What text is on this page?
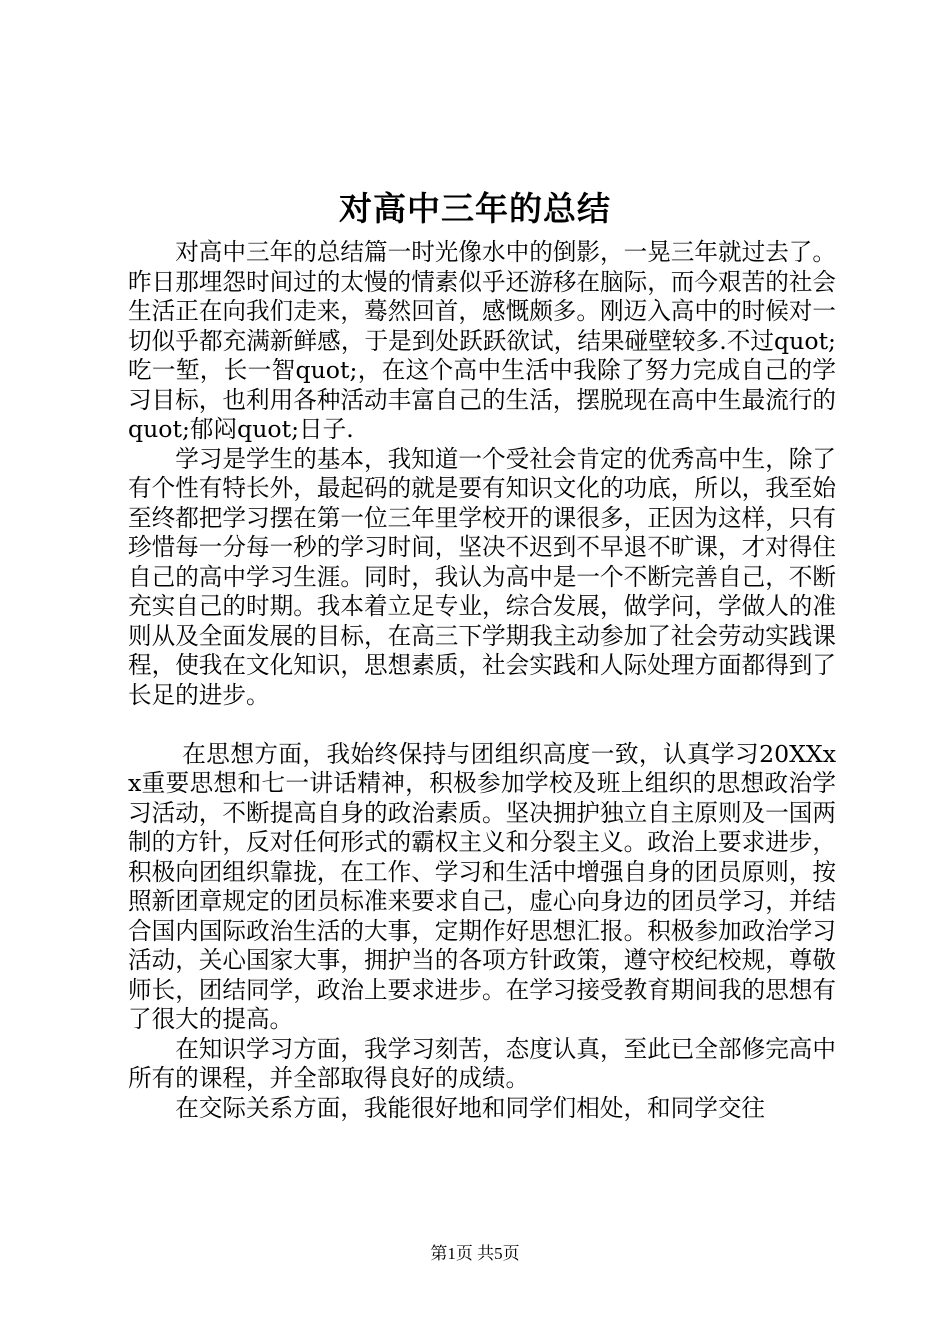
对高中三年的总结

对高中三年的总结篇一时光像水中的倒影，一晃三年就过去了。昨日那埋怨时间过的太慢的情素似乎还游移在脑际，而今艰苦的社会生活正在向我们走来，蓦然回首，感慨颇多。刚迈入高中的时候对一切似乎都充满新鲜感，于是到处跃跃欲试，结果碰壁较多.不过quot;吃一堑，长一智quot;，在这个高中生活中我除了努力完成自己的学习目标，也利用各种活动丰富自己的生活，摆脱现在高中生最流行的quot;郁闷quot;日子.

学习是学生的基本，我知道一个受社会肯定的优秀高中生，除了有个性有特长外，最起码的就是要有知识文化的功底，所以，我至始至终都把学习摆在第一位三年里学校开的课很多，正因为这样，只有珍惜每一分每一秒的学习时间，坚决不迟到不早退不旷课，才对得住自己的高中学习生涯。同时，我认为高中是一个不断完善自己，不断充实自己的时期。我本着立足专业，综合发展，做学问，学做人的准则从及全面发展的目标，在高三下学期我主动参加了社会劳动实践课程，使我在文化知识，思想素质，社会实践和人际处理方面都得到了长足的进步。

在思想方面，我始终保持与团组织高度一致，认真学习20XXxx重要思想和七一讲话精神，积极参加学校及班上组织的思想政治学习活动，不断提高自身的政治素质。坚决拥护独立自主原则及一国两制的方针，反对任何形式的霸权主义和分裂主义。政治上要求进步，积极向团组织靠拢，在工作、学习和生活中增强自身的团员原则，按照新团章规定的团员标准来要求自己，虚心向身边的团员学习，并结合国内国际政治生活的大事，定期作好思想汇报。积极参加政治学习活动，关心国家大事，拥护当的各项方针政策，遵守校纪校规，尊敬师长，团结同学，政治上要求进步。在学习接受教育期间我的思想有了很大的提高。

在知识学习方面，我学习刻苦，态度认真，至此已全部修完高中所有的课程，并全部取得良好的成绩。

在交际关系方面，我能很好地和同学们相处，和同学交往

第1页 共5页
